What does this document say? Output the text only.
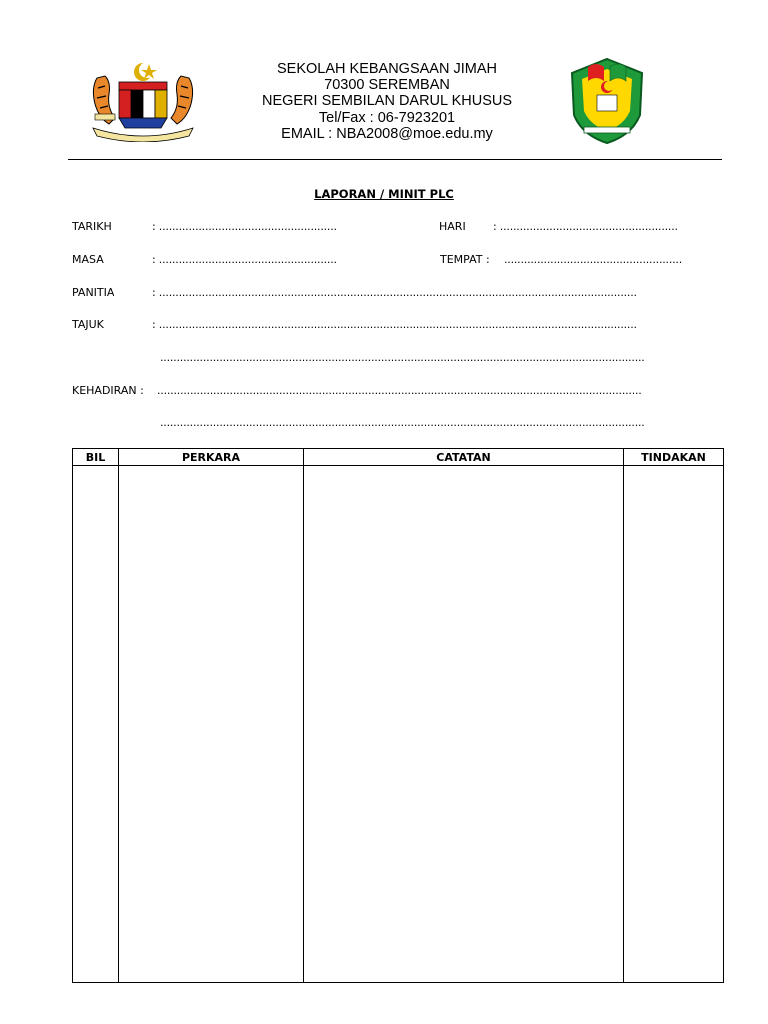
SEKOLAH KEBANGSAAN JIMAH
70300 SEREMBAN
NEGERI SEMBILAN DARUL KHUSUS
Tel/Fax : 06-7923201
EMAIL : NBA2008@moe.edu.my
LAPORAN / MINIT PLC
TARIKH	: ......................................................	HARI : ......................................................
MASA	: ......................................................	TEMPAT : ......................................................
PANITIA	: .................................................................................................................................................
TAJUK	: .................................................................................................................................................
...................................................................................................................................................
KEHADIRAN : ...................................................................................................................................................
...................................................................................................................................................
BIL	PERKARA	CATATAN	TINDAKAN
